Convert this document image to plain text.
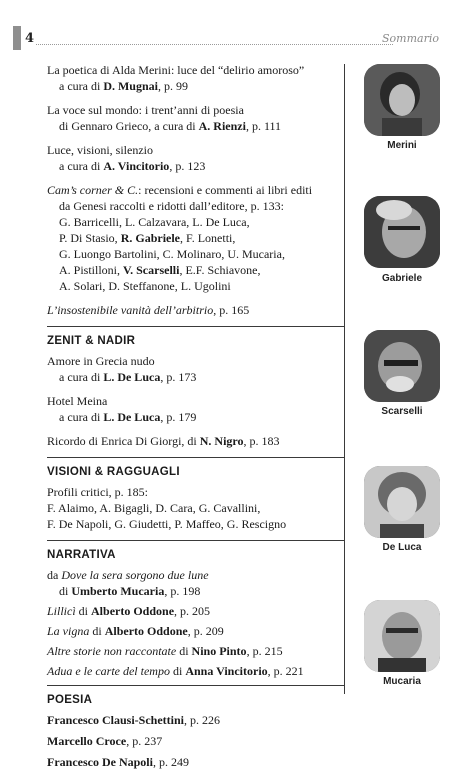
4	Sommario
La poetica di Alda Merini: luce del “delirio amoroso”
a cura di D. Mugnai, p. 99
La voce sul mondo: i trent’anni di poesia
di Gennaro Grieco, a cura di A. Rienzi, p. 111
Luce, visioni, silenzio
a cura di A. Vincitorio, p. 123
Cam’s corner & C.: recensioni e commenti ai libri editi
da Genesi raccolti e ridotti dall’editore, p. 133:
G. Barricelli, L. Calzavara, L. De Luca,
P. Di Stasio, R. Gabriele, F. Lonetti,
G. Luongo Bartolini, C. Molinaro, U. Mucaria,
A. Pistilloni, V. Scarselli, E.F. Schiavone,
A. Solari, D. Steffanone, L. Ugolini
L’insostenibile vanità dell’arbitrio, p. 165
ZENIT & NADIR
Amore in Grecia nudo
a cura di L. De Luca, p. 173
Hotel Meina
a cura di L. De Luca, p. 179
Ricordo di Enrica Di Giorgi, di N. Nigro, p. 183
VISIONI & RAGGUAGLI
Profili critici, p. 185:
F. Alaimo, A. Bigagli, D. Cara, G. Cavallini,
F. De Napoli, G. Giudetti, P. Maffeo, G. Rescigno
NARRATIVA
da Dove la sera sorgono due lune
di Umberto Mucaria, p. 198
Lillicì di Alberto Oddone, p. 205
La vigna di Alberto Oddone, p. 209
Altre storie non raccontate di Nino Pinto, p. 215
Adua e le carte del tempo di Anna Vincitorio, p. 221
POESIA
Francesco Clausi-Schettini, p. 226
Marcello Croce, p. 237
Francesco De Napoli, p. 249
Merini
Gabriele
Scarselli
De Luca
Mucaria
